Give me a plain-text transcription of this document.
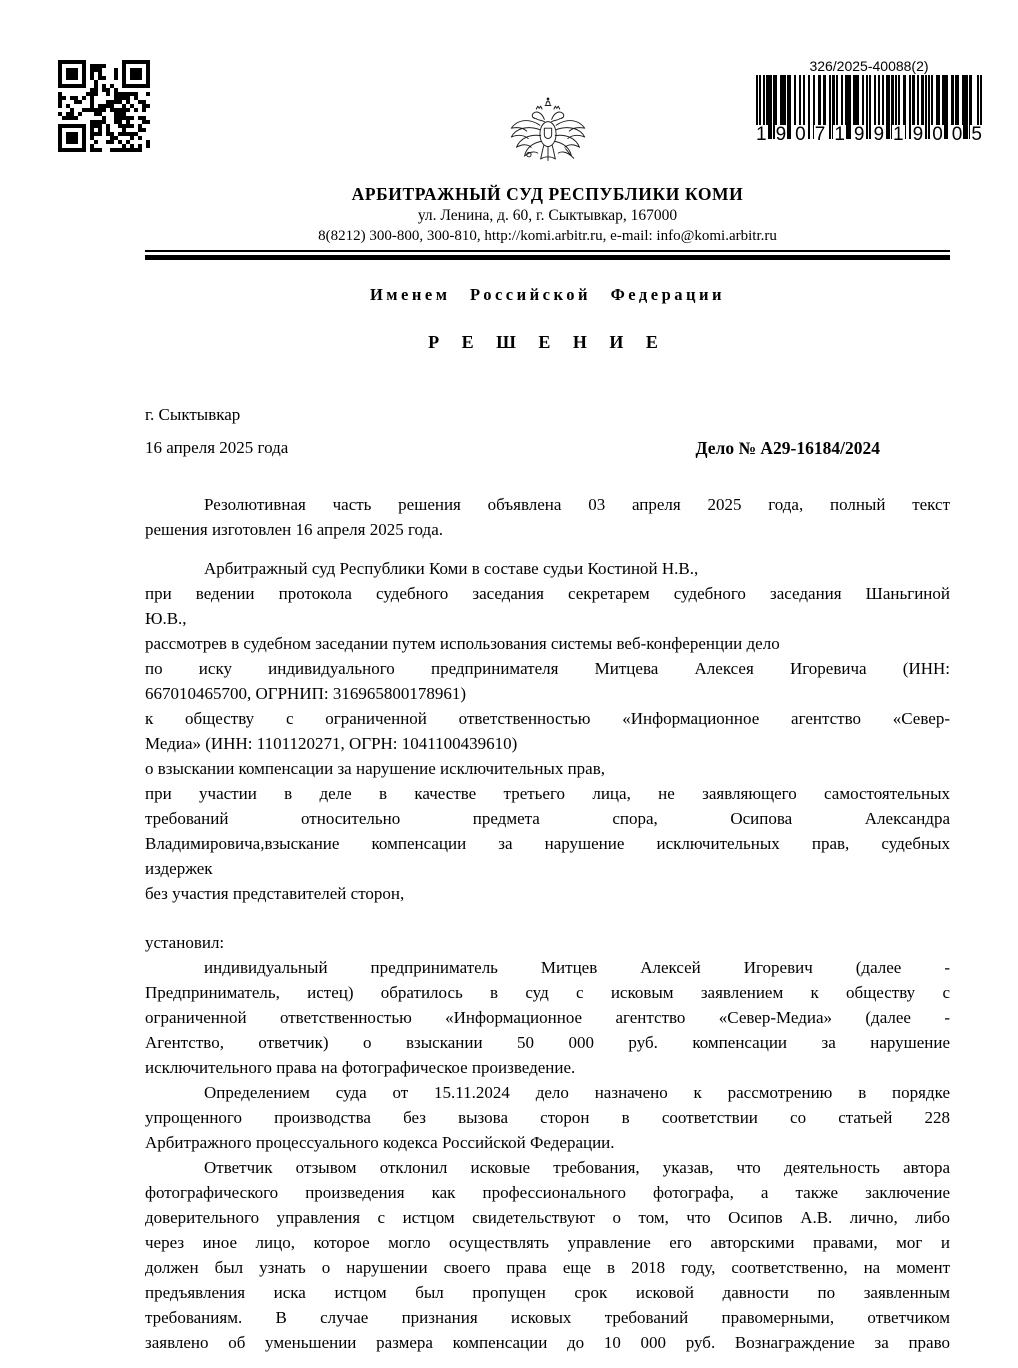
326/2025-40088(2)
1 9 0 7 1 9 9 1 9 0 0 5
АРБИТРАЖНЫЙ СУД РЕСПУБЛИКИ КОМИ
ул. Ленина, д. 60, г. Сыктывкар, 167000
8(8212) 300-800, 300-810, http://komi.arbitr.ru, e-mail: info@komi.arbitr.ru
Именем Российской Федерации
Р Е Ш Е Н И Е
г. Сыктывкар
16 апреля 2025 года	Дело № А29-16184/2024
Резолютивная часть решения объявлена 03 апреля 2025 года, полный текст
решения изготовлен 16 апреля 2025 года.
Арбитражный суд Республики Коми в составе судьи Костиной Н.В.,
при ведении протокола судебного заседания секретарем судебного заседания Шаньгиной
Ю.В.,
рассмотрев в судебном заседании путем использования системы веб-конференции дело
по иску индивидуального предпринимателя Митцева Алексея Игоревича (ИНН:
667010465700, ОГРНИП: 316965800178961)
к обществу с ограниченной ответственностью «Информационное агентство «Север-
Медиа» (ИНН: 1101120271, ОГРН: 1041100439610)
о взыскании компенсации за нарушение исключительных прав,
при участии в деле в качестве третьего лица, не заявляющего самостоятельных
требований относительно предмета спора, Осипова Александра
Владимировича,взыскание компенсации за нарушение исключительных прав, судебных
издержек
без участия представителей сторон,
установил:
индивидуальный предприниматель Митцев Алексей Игоревич (далее -
Предприниматель, истец) обратилось в суд с исковым заявлением к обществу с
ограниченной ответственностью «Информационное агентство «Север-Медиа» (далее -
Агентство, ответчик) о взыскании 50 000 руб. компенсации за нарушение
исключительного права на фотографическое произведение.
Определением суда от 15.11.2024 дело назначено к рассмотрению в порядке
упрощенного производства без вызова сторон в соответствии со статьей 228
Арбитражного процессуального кодекса Российской Федерации.
Ответчик отзывом отклонил исковые требования, указав, что деятельность автора
фотографического произведения как профессионального фотографа, а также заключение
доверительного управления с истцом свидетельствуют о том, что Осипов А.В. лично, либо
через иное лицо, которое могло осуществлять управление его авторскими правами, мог и
должен был узнать о нарушении своего права еще в 2018 году, соответственно, на момент
предъявления иска истцом был пропущен срок исковой давности по заявленным
требованиям. В случае признания исковых требований правомерными, ответчиком
заявлено об уменьшении размера компенсации до 10 000 руб. Вознаграждение за право
